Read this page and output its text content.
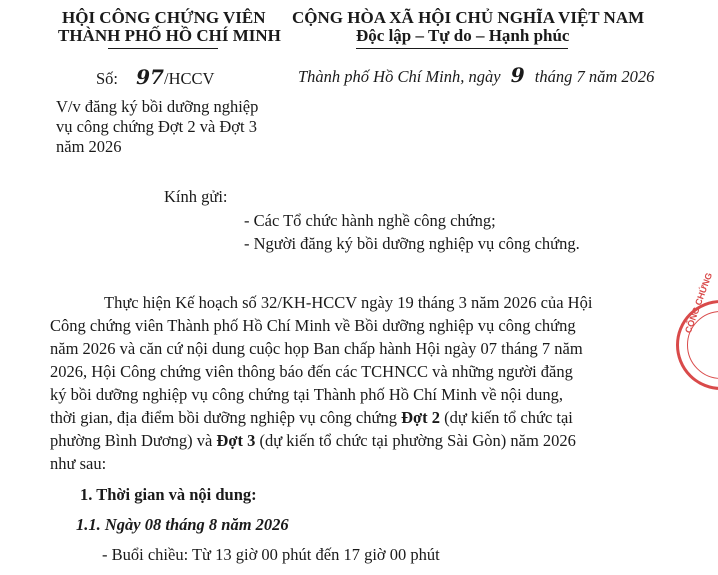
HỘI CÔNG CHỨNG VIÊN
THÀNH PHỐ HỒ CHÍ MINH
CỘNG HÒA XÃ HỘI CHỦ NGHĨA VIỆT NAM
Độc lập – Tự do – Hạnh phúc
Số: 97/HCCV	Thành phố Hồ Chí Minh, ngày 9 tháng 7 năm 2026
V/v đăng ký bồi dưỡng nghiệp
vụ công chứng Đợt 2 và Đợt 3
năm 2026
Kính gửi:
- Các Tổ chức hành nghề công chứng;
- Người đăng ký bồi dưỡng nghiệp vụ công chứng.
Thực hiện Kế hoạch số 32/KH-HCCV ngày 19 tháng 3 năm 2026 của Hội
Công chứng viên Thành phố Hồ Chí Minh về Bồi dưỡng nghiệp vụ công chứng
năm 2026 và căn cứ nội dung cuộc họp Ban chấp hành Hội ngày 07 tháng 7 năm
2026, Hội Công chứng viên thông báo đến các TCHNCC và những người đăng
ký bồi dưỡng nghiệp vụ công chứng tại Thành phố Hồ Chí Minh về nội dung,
thời gian, địa điểm bồi dưỡng nghiệp vụ công chứng Đợt 2 (dự kiến tổ chức tại
phường Bình Dương) và Đợt 3 (dự kiến tổ chức tại phường Sài Gòn) năm 2026
như sau:
1. Thời gian và nội dung:
1.1. Ngày 08 tháng 8 năm 2026
- Buổi chiều: Từ 13 giờ 00 phút đến 17 giờ 00 phút
CÔNG CHỨNG
